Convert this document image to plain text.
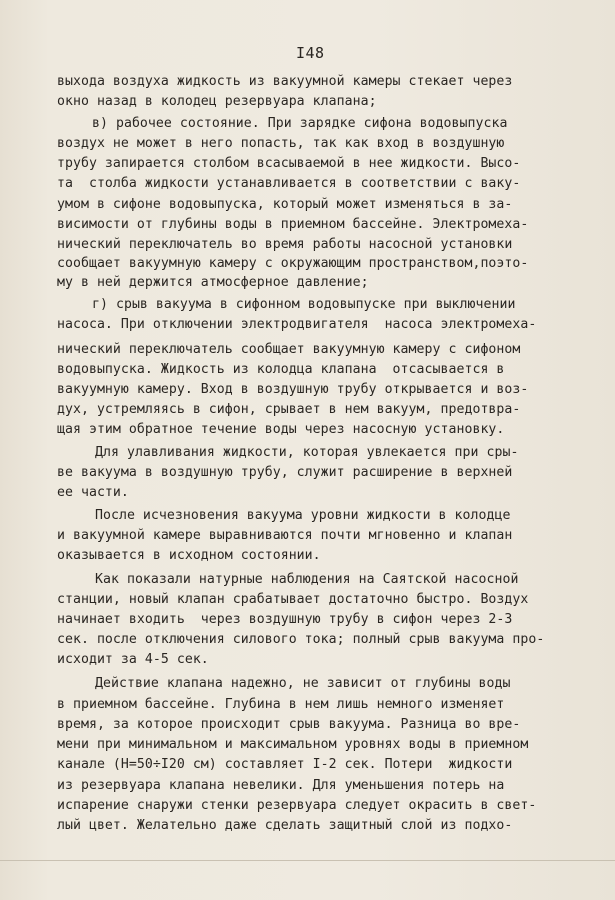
I48
выхода воздуха жидкость из вакуумной камеры стекает через
окно назад в колодец резервуара клапана;
в) рабочее состояние. При зарядке сифона водовыпуска
воздух не может в него попасть, так как вход в воздушную
трубу запирается столбом всасываемой в нее жидкости. Высо-
та  столба жидкости устанавливается в соответствии с ваку-
умом в сифоне водовыпуска, который может изменяться в за-
висимости от глубины воды в приемном бассейне. Электромеха-
нический переключатель во время работы насосной установки
сообщает вакуумную камеру с окружающим пространством,поэто-
му в ней держится атмосферное давление;
г) срыв вакуума в сифонном водовыпуске при выключении
насоса. При отключении электродвигателя  насоса электромеха-
нический переключатель сообщает вакуумную камеру с сифоном
водовыпуска. Жидкость из колодца клапана  отсасывается в
вакуумную камеру. Вход в воздушную трубу открывается и воз-
дух, устремляясь в сифон, срывает в нем вакуум, предотвра-
щая этим обратное течение воды через насосную установку.
Для улавливания жидкости, которая увлекается при сры-
ве вакуума в воздушную трубу, служит расширение в верхней
ее части.
После исчезновения вакуума уровни жидкости в колодце
и вакуумной камере выравниваются почти мгновенно и клапан
оказывается в исходном состоянии.
Как показали натурные наблюдения на Саятской насосной
станции, новый клапан срабатывает достаточно быстро. Воздух
начинает входить  через воздушную трубу в сифон через 2-3
сек. после отключения силового тока; полный срыв вакуума про-
исходит за 4-5 сек.
Действие клапана надежно, не зависит от глубины воды
в приемном бассейне. Глубина в нем лишь немного изменяет
время, за которое происходит срыв вакуума. Разница во вре-
мени при минимальном и максимальном уровнях воды в приемном
канале (Н=50÷I20 см) составляет I-2 сек. Потери  жидкости
из резервуара клапана невелики. Для уменьшения потерь на
испарение снаружи стенки резервуара следует окрасить в свет-
лый цвет. Желательно даже сделать защитный слой из подхо-
